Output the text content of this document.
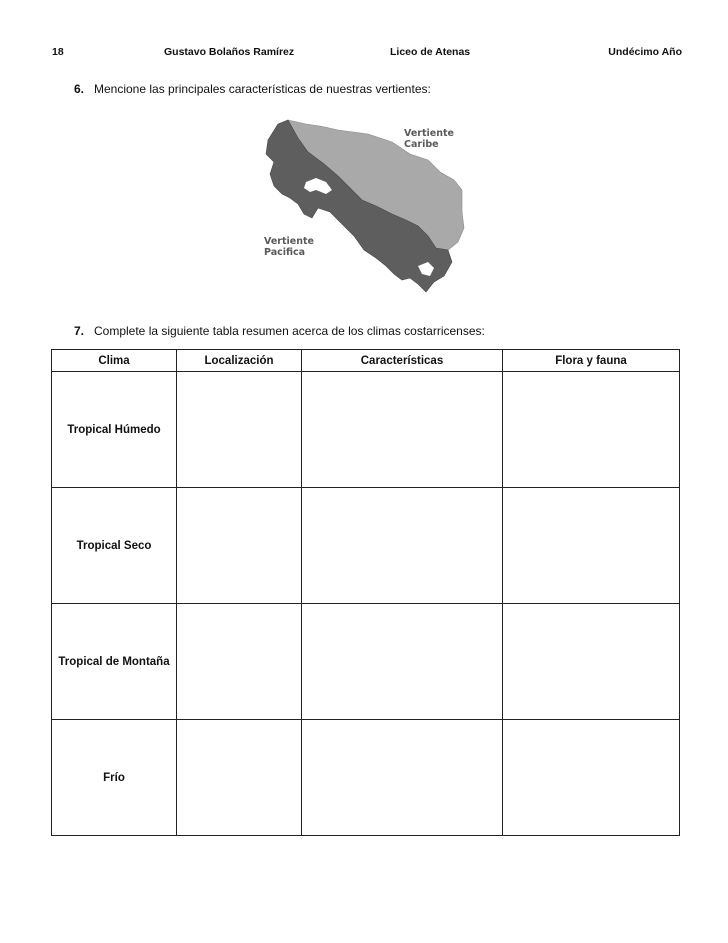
18	Gustavo Bolaños Ramírez	Liceo de Atenas	Undécimo Año
6. Mencione las principales características de nuestras vertientes:
Vertiente
Caribe
Vertiente
Pacifica
7. Complete la siguiente tabla resumen acerca de los climas costarricenses:
Clima	Localización	Características	Flora y fauna
Tropical Húmedo			
Tropical Seco			
Tropical de Montaña			
Frío			
